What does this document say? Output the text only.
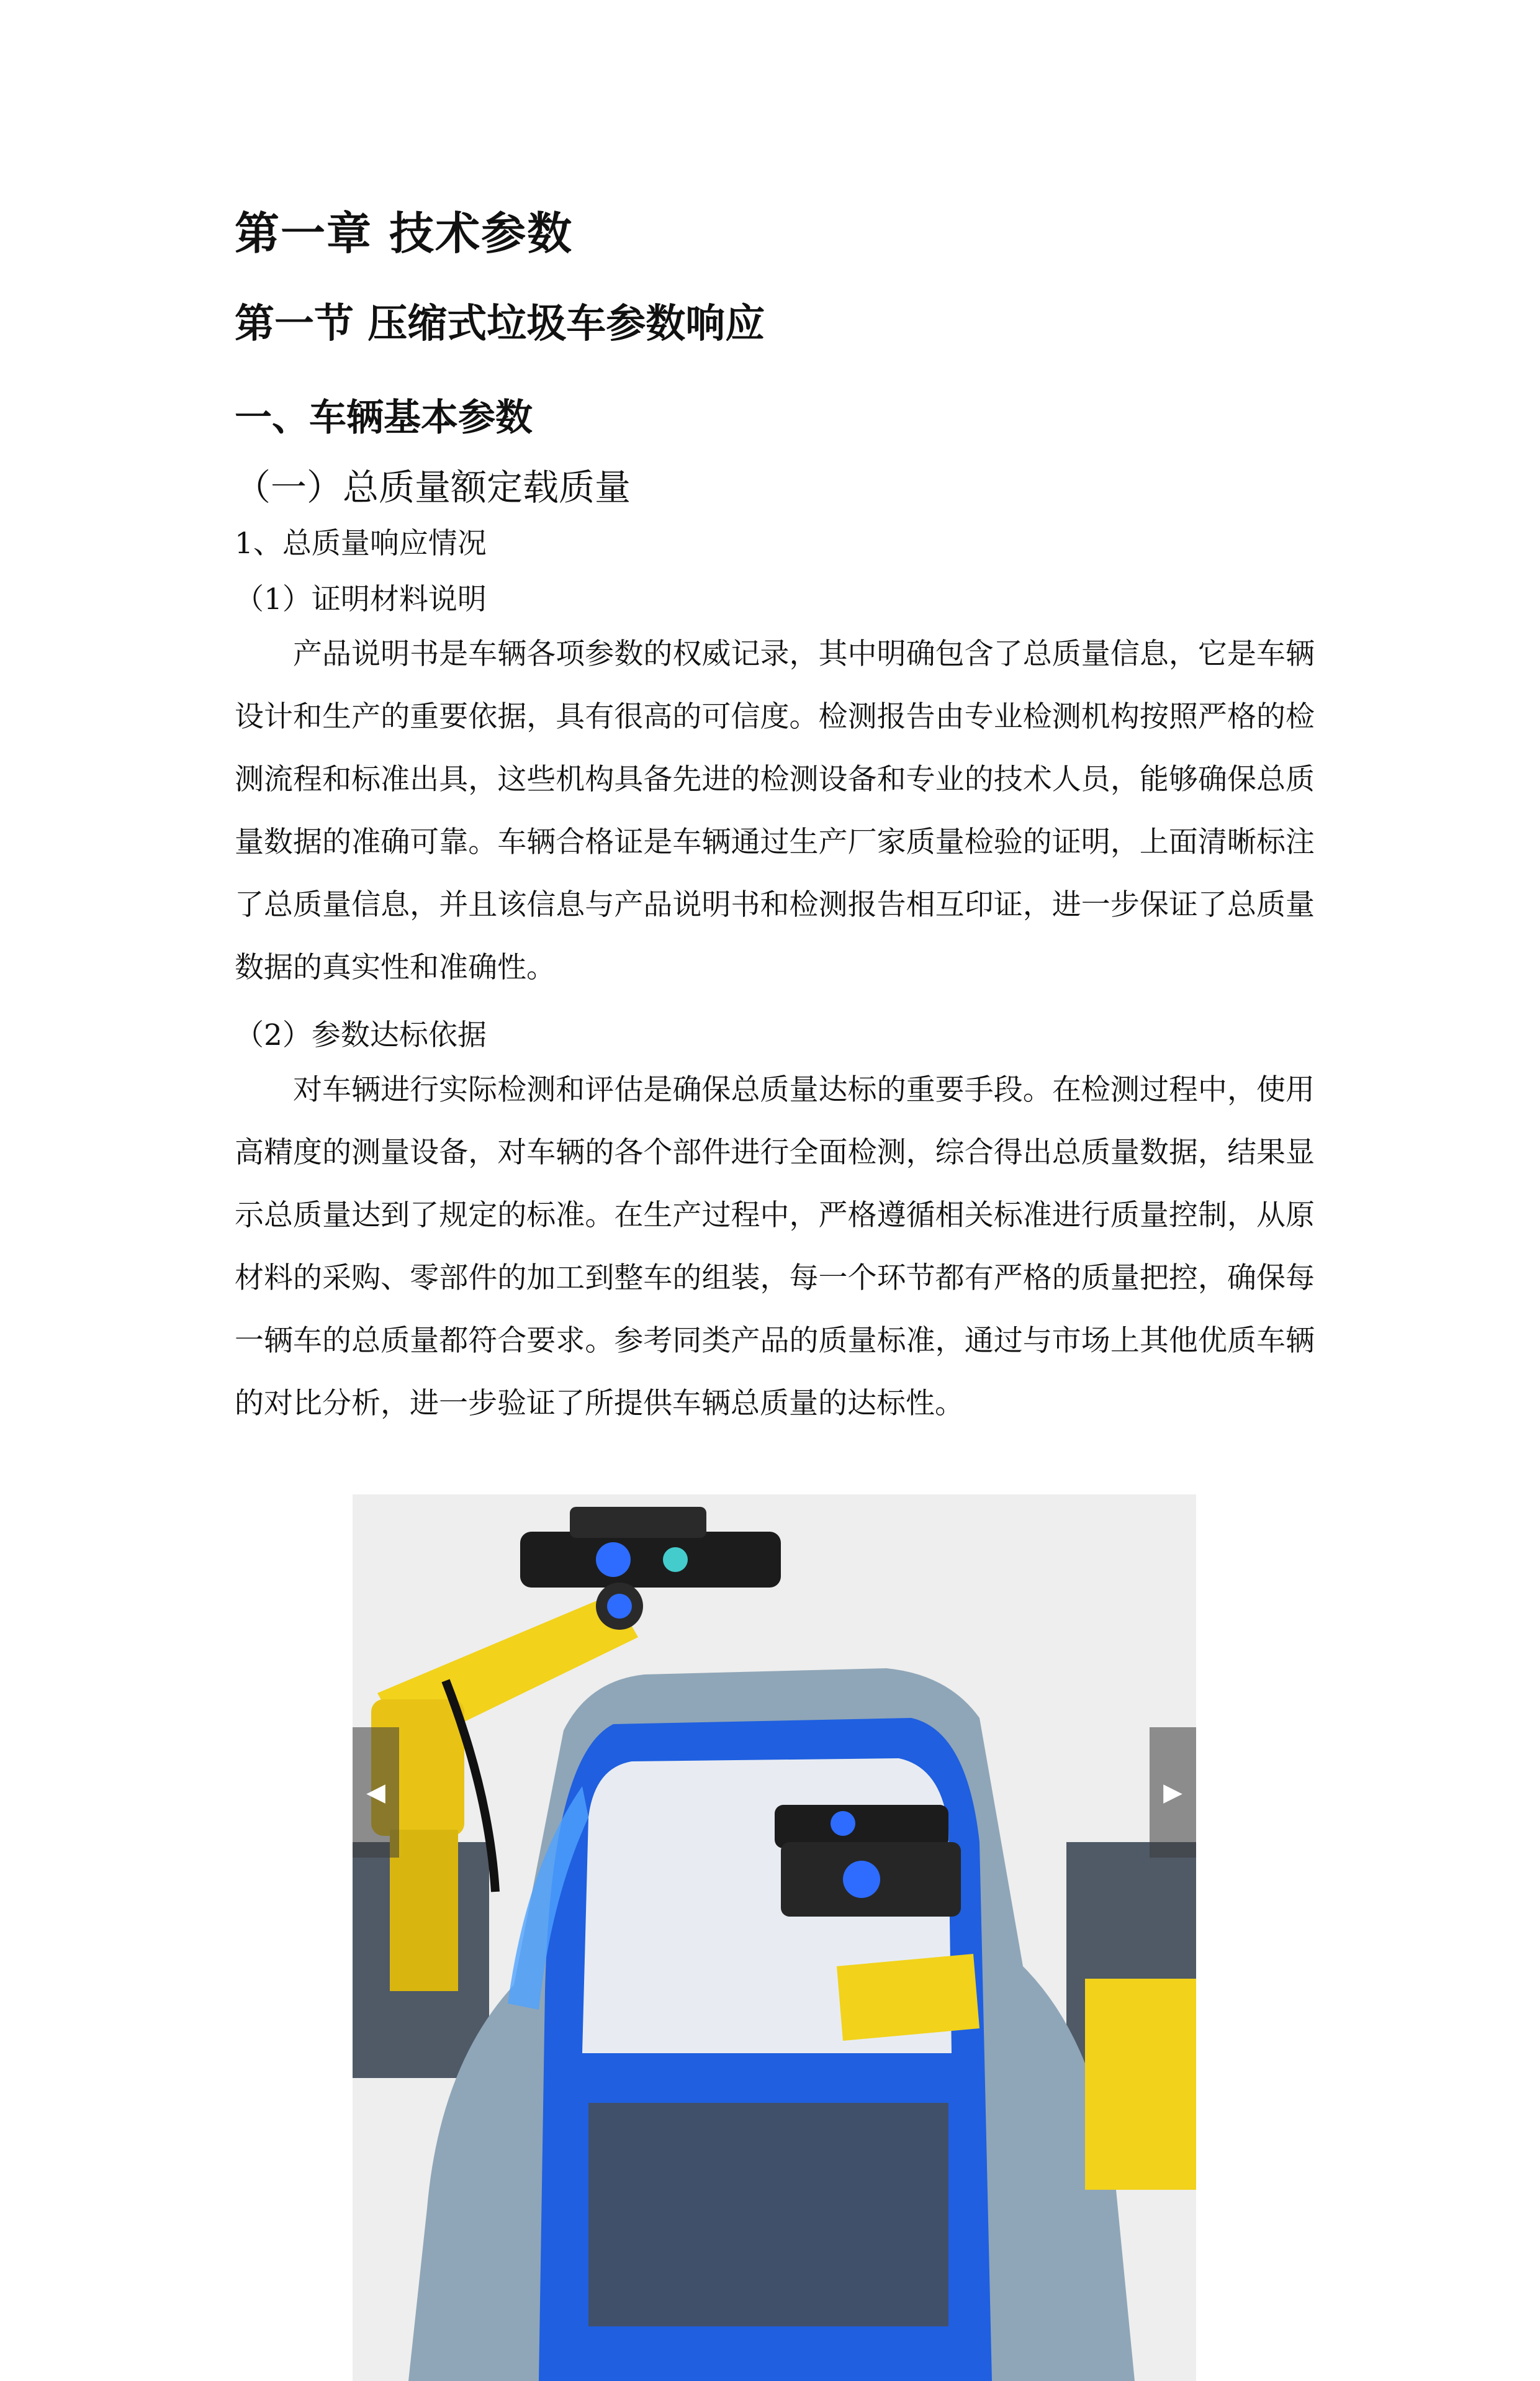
第一章 技术参数
第一节 压缩式垃圾车参数响应
一、车辆基本参数
（一）总质量额定载质量
1、总质量响应情况
（1）证明材料说明
产品说明书是车辆各项参数的权威记录，其中明确包含了总质量信息，它是车辆设计和生产的重要依据，具有很高的可信度。检测报告由专业检测机构按照严格的检测流程和标准出具，这些机构具备先进的检测设备和专业的技术人员，能够确保总质量数据的准确可靠。车辆合格证是车辆通过生产厂家质量检验的证明，上面清晰标注了总质量信息，并且该信息与产品说明书和检测报告相互印证，进一步保证了总质量数据的真实性和准确性。
（2）参数达标依据
对车辆进行实际检测和评估是确保总质量达标的重要手段。在检测过程中，使用高精度的测量设备，对车辆的各个部件进行全面检测，综合得出总质量数据，结果显示总质量达到了规定的标准。在生产过程中，严格遵循相关标准进行质量控制，从原材料的采购、零部件的加工到整车的组装，每一个环节都有严格的质量把控，确保每一辆车的总质量都符合要求。参考同类产品的质量标准，通过与市场上其他优质车辆的对比分析，进一步验证了所提供车辆总质量的达标性。
◀	▶
